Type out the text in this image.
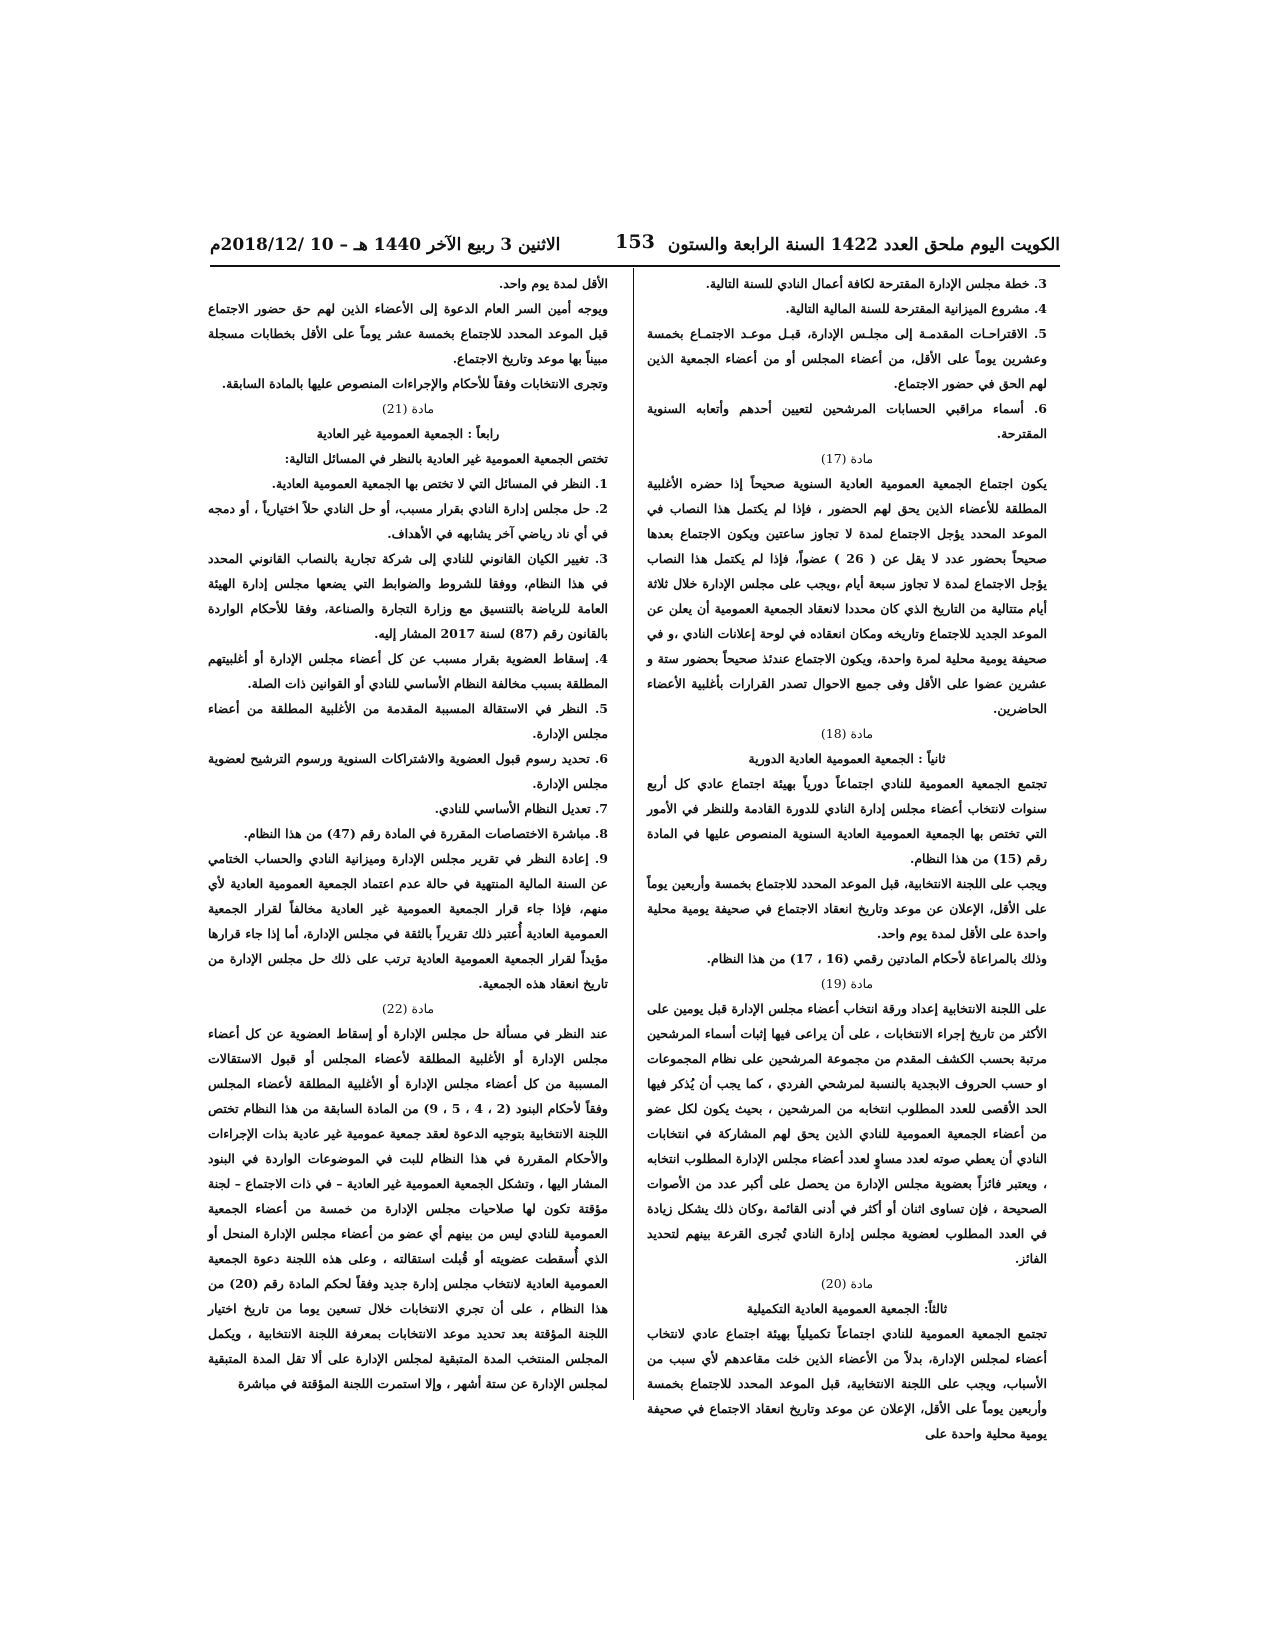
الكويت اليوم ملحق العدد 1422 السنة الرابعة والستون
153
الاثنين 3 ربيع الآخر 1440 هـ – 10 /2018/12م

3. خطة مجلس الإدارة المقترحة لكافة أعمال النادي للسنة التالية.

4. مشروع الميزانية المقترحة للسنة المالية التالية.

5. الاقتراحـات المقدمـة إلى مجلـس الإدارة، قبـل موعـد الاجتمـاع بخمسة وعشرين يوماً على الأقل، من أعضاء المجلس أو من أعضاء الجمعية الذين لهم الحق في حضور الاجتماع.

6. أسماء مراقبي الحسابات المرشحين لتعيين أحدهم وأتعابه السنوية المقترحة.

مادة (17)

يكون اجتماع الجمعية العمومية العادية السنوية صحيحاً إذا حضره الأغلبية المطلقة للأعضاء الذين يحق لهم الحضور ، فإذا لم يكتمل هذا النصاب في الموعد المحدد يؤجل الاجتماع لمدة لا تجاوز ساعتين ويكون الاجتماع بعدها صحيحاً بحضور عدد لا يقل عن ( 26 ) عضواً، فإذا لم يكتمل هذا النصاب يؤجل الاجتماع لمدة لا تجاوز سبعة أيام ،ويجب على مجلس الإدارة خلال ثلاثة أيام متتالية من التاريخ الذي كان محددا لانعقاد الجمعية العمومية أن يعلن عن الموعد الجديد للاجتماع وتاريخه ومكان انعقاده في لوحة إعلانات النادي ،و في صحيفة يومية محلية لمرة واحدة، ويكون الاجتماع عندئذ صحيحاً بحضور ستة و عشرين عضوا على الأقل وفى جميع الاحوال تصدر القرارات بأغلبية الأعضاء الحاضرين.

مادة (18)

ثانياً : الجمعية العمومية العادية الدورية

تجتمع الجمعية العمومية للنادي اجتماعاً دورياً بهيئة اجتماع عادي كل أربع سنوات لانتخاب أعضاء مجلس إدارة النادي للدورة القادمة وللنظر في الأمور التي تختص بها الجمعية العمومية العادية السنوية المنصوص عليها في المادة رقم (15) من هذا النظام.

ويجب على اللجنة الانتخابية، قبل الموعد المحدد للاجتماع بخمسة وأربعين يوماً على الأقل، الإعلان عن موعد وتاريخ انعقاد الاجتماع في صحيفة يومية محلية واحدة على الأقل لمدة يوم واحد.

وذلك بالمراعاة لأحكام المادتين رقمي (16 ، 17) من هذا النظام.

مادة (19)

على اللجنة الانتخابية إعداد ورقة انتخاب أعضاء مجلس الإدارة قبل يومين على الأكثر من تاريخ إجراء الانتخابات ، على أن يراعى فيها إثبات أسماء المرشحين مرتبة بحسب الكشف المقدم من مجموعة المرشحين على نظام المجموعات او حسب الحروف الابجدية بالنسبة لمرشحي الفردي ، كما يجب أن يُذكر فيها الحد الأقصى للعدد المطلوب انتخابه من المرشحين ، بحيث يكون لكل عضو من أعضاء الجمعية العمومية للنادي الذين يحق لهم المشاركة في انتخابات النادي أن يعطي صوته لعدد مساوٍ لعدد أعضاء مجلس الإدارة المطلوب انتخابه ، ويعتبر فائزاً بعضوية مجلس الإدارة من يحصل على أكبر عدد من الأصوات الصحيحة ، فإن تساوى اثنان أو أكثر في أدنى القائمة ،وكان ذلك يشكل زيادة في العدد المطلوب لعضوية مجلس إدارة النادي تُجرى القرعة بينهم لتحديد الفائز.

مادة (20)

ثالثاً: الجمعية العمومية العادية التكميلية

تجتمع الجمعية العمومية للنادي اجتماعاً تكميلياً بهيئة اجتماع عادي لانتخاب أعضاء لمجلس الإدارة، بدلاً من الأعضاء الذين خلت مقاعدهم لأي سبب من الأسباب، ويجب على اللجنة الانتخابية، قبل الموعد المحدد للاجتماع بخمسة وأربعين يوماً على الأقل، الإعلان عن موعد وتاريخ انعقاد الاجتماع في صحيفة يومية محلية واحدة على

الأقل لمدة يوم واحد.

ويوجه أمين السر العام الدعوة إلى الأعضاء الذين لهم حق حضور الاجتماع قبل الموعد المحدد للاجتماع بخمسة عشر يوماً على الأقل بخطابات مسجلة مبيناً بها موعد وتاريخ الاجتماع.

وتجرى الانتخابات وفقاً للأحكام والإجراءات المنصوص عليها بالمادة السابقة.

مادة (21)

رابعاً : الجمعية العمومية غير العادية

تختص الجمعية العمومية غير العادية بالنظر في المسائل التالية:

1. النظر في المسائل التي لا تختص بها الجمعية العمومية العادية.

2. حل مجلس إدارة النادي بقرار مسبب، أو حل النادي حلاً اختيارياً ، أو دمجه في أي ناد رياضي آخر يشابهه في الأهداف.

3. تغيير الكيان القانوني للنادي إلى شركة تجارية بالنصاب القانوني المحدد في هذا النظام، ووفقا للشروط والضوابط التي يضعها مجلس إدارة الهيئة العامة للرياضة بالتنسيق مع وزارة التجارة والصناعة، وفقا للأحكام الواردة بالقانون رقم (87) لسنة 2017 المشار إليه.

4. إسقاط العضوية بقرار مسبب عن كل أعضاء مجلس الإدارة أو أغلبيتهم المطلقة بسبب مخالفة النظام الأساسي للنادي أو القوانين ذات الصلة.

5. النظر في الاستقالة المسببة المقدمة من الأغلبية المطلقة من أعضاء مجلس الإدارة.

6. تحديد رسوم قبول العضوية والاشتراكات السنوية ورسوم الترشيح لعضوية مجلس الإدارة.

7. تعديل النظام الأساسي للنادي.

8. مباشرة الاختصاصات المقررة في المادة رقم (47) من هذا النظام.

9. إعادة النظر في تقرير مجلس الإدارة وميزانية النادي والحساب الختامي عن السنة المالية المنتهية في حالة عدم اعتماد الجمعية العمومية العادية لأي منهم، فإذا جاء قرار الجمعية العمومية غير العادية مخالفاً لقرار الجمعية العمومية العادية أُعتبر ذلك تقريراً بالثقة في مجلس الإدارة، أما إذا جاء قرارها مؤيداً لقرار الجمعية العمومية العادية ترتب على ذلك حل مجلس الإدارة من تاريخ انعقاد هذه الجمعية.

مادة (22)

عند النظر في مسألة حل مجلس الإدارة أو إسقاط العضوية عن كل أعضاء مجلس الإدارة أو الأغلبية المطلقة لأعضاء المجلس أو قبول الاستقالات المسببة من كل أعضاء مجلس الإدارة أو الأغلبية المطلقة لأعضاء المجلس وفقاً لأحكام البنود (2 ، 4 ، 5 ، 9) من المادة السابقة من هذا النظام تختص اللجنة الانتخابية بتوجيه الدعوة لعقد جمعية عمومية غير عادية بذات الإجراءات والأحكام المقررة في هذا النظام للبت في الموضوعات الواردة في البنود المشار اليها ، وتشكل الجمعية العمومية غير العادية – في ذات الاجتماع – لجنة مؤقتة تكون لها صلاحيات مجلس الإدارة من خمسة من أعضاء الجمعية العمومية للنادي ليس من بينهم أي عضو من أعضاء مجلس الإدارة المنحل أو الذي أُسقطت عضويته أو قُبلت استقالته ، وعلى هذه اللجنة دعوة الجمعية العمومية العادية لانتخاب مجلس إدارة جديد وفقاً لحكم المادة رقم (20) من هذا النظام ، على أن تجري الانتخابات خلال تسعين يوما من تاريخ اختيار اللجنة المؤقتة بعد تحديد موعد الانتخابات بمعرفة اللجنة الانتخابية ، ويكمل المجلس المنتخب المدة المتبقية لمجلس الإدارة على ألا تقل المدة المتبقية لمجلس الإدارة عن ستة أشهر ، وإلا استمرت اللجنة المؤقتة في مباشرة
